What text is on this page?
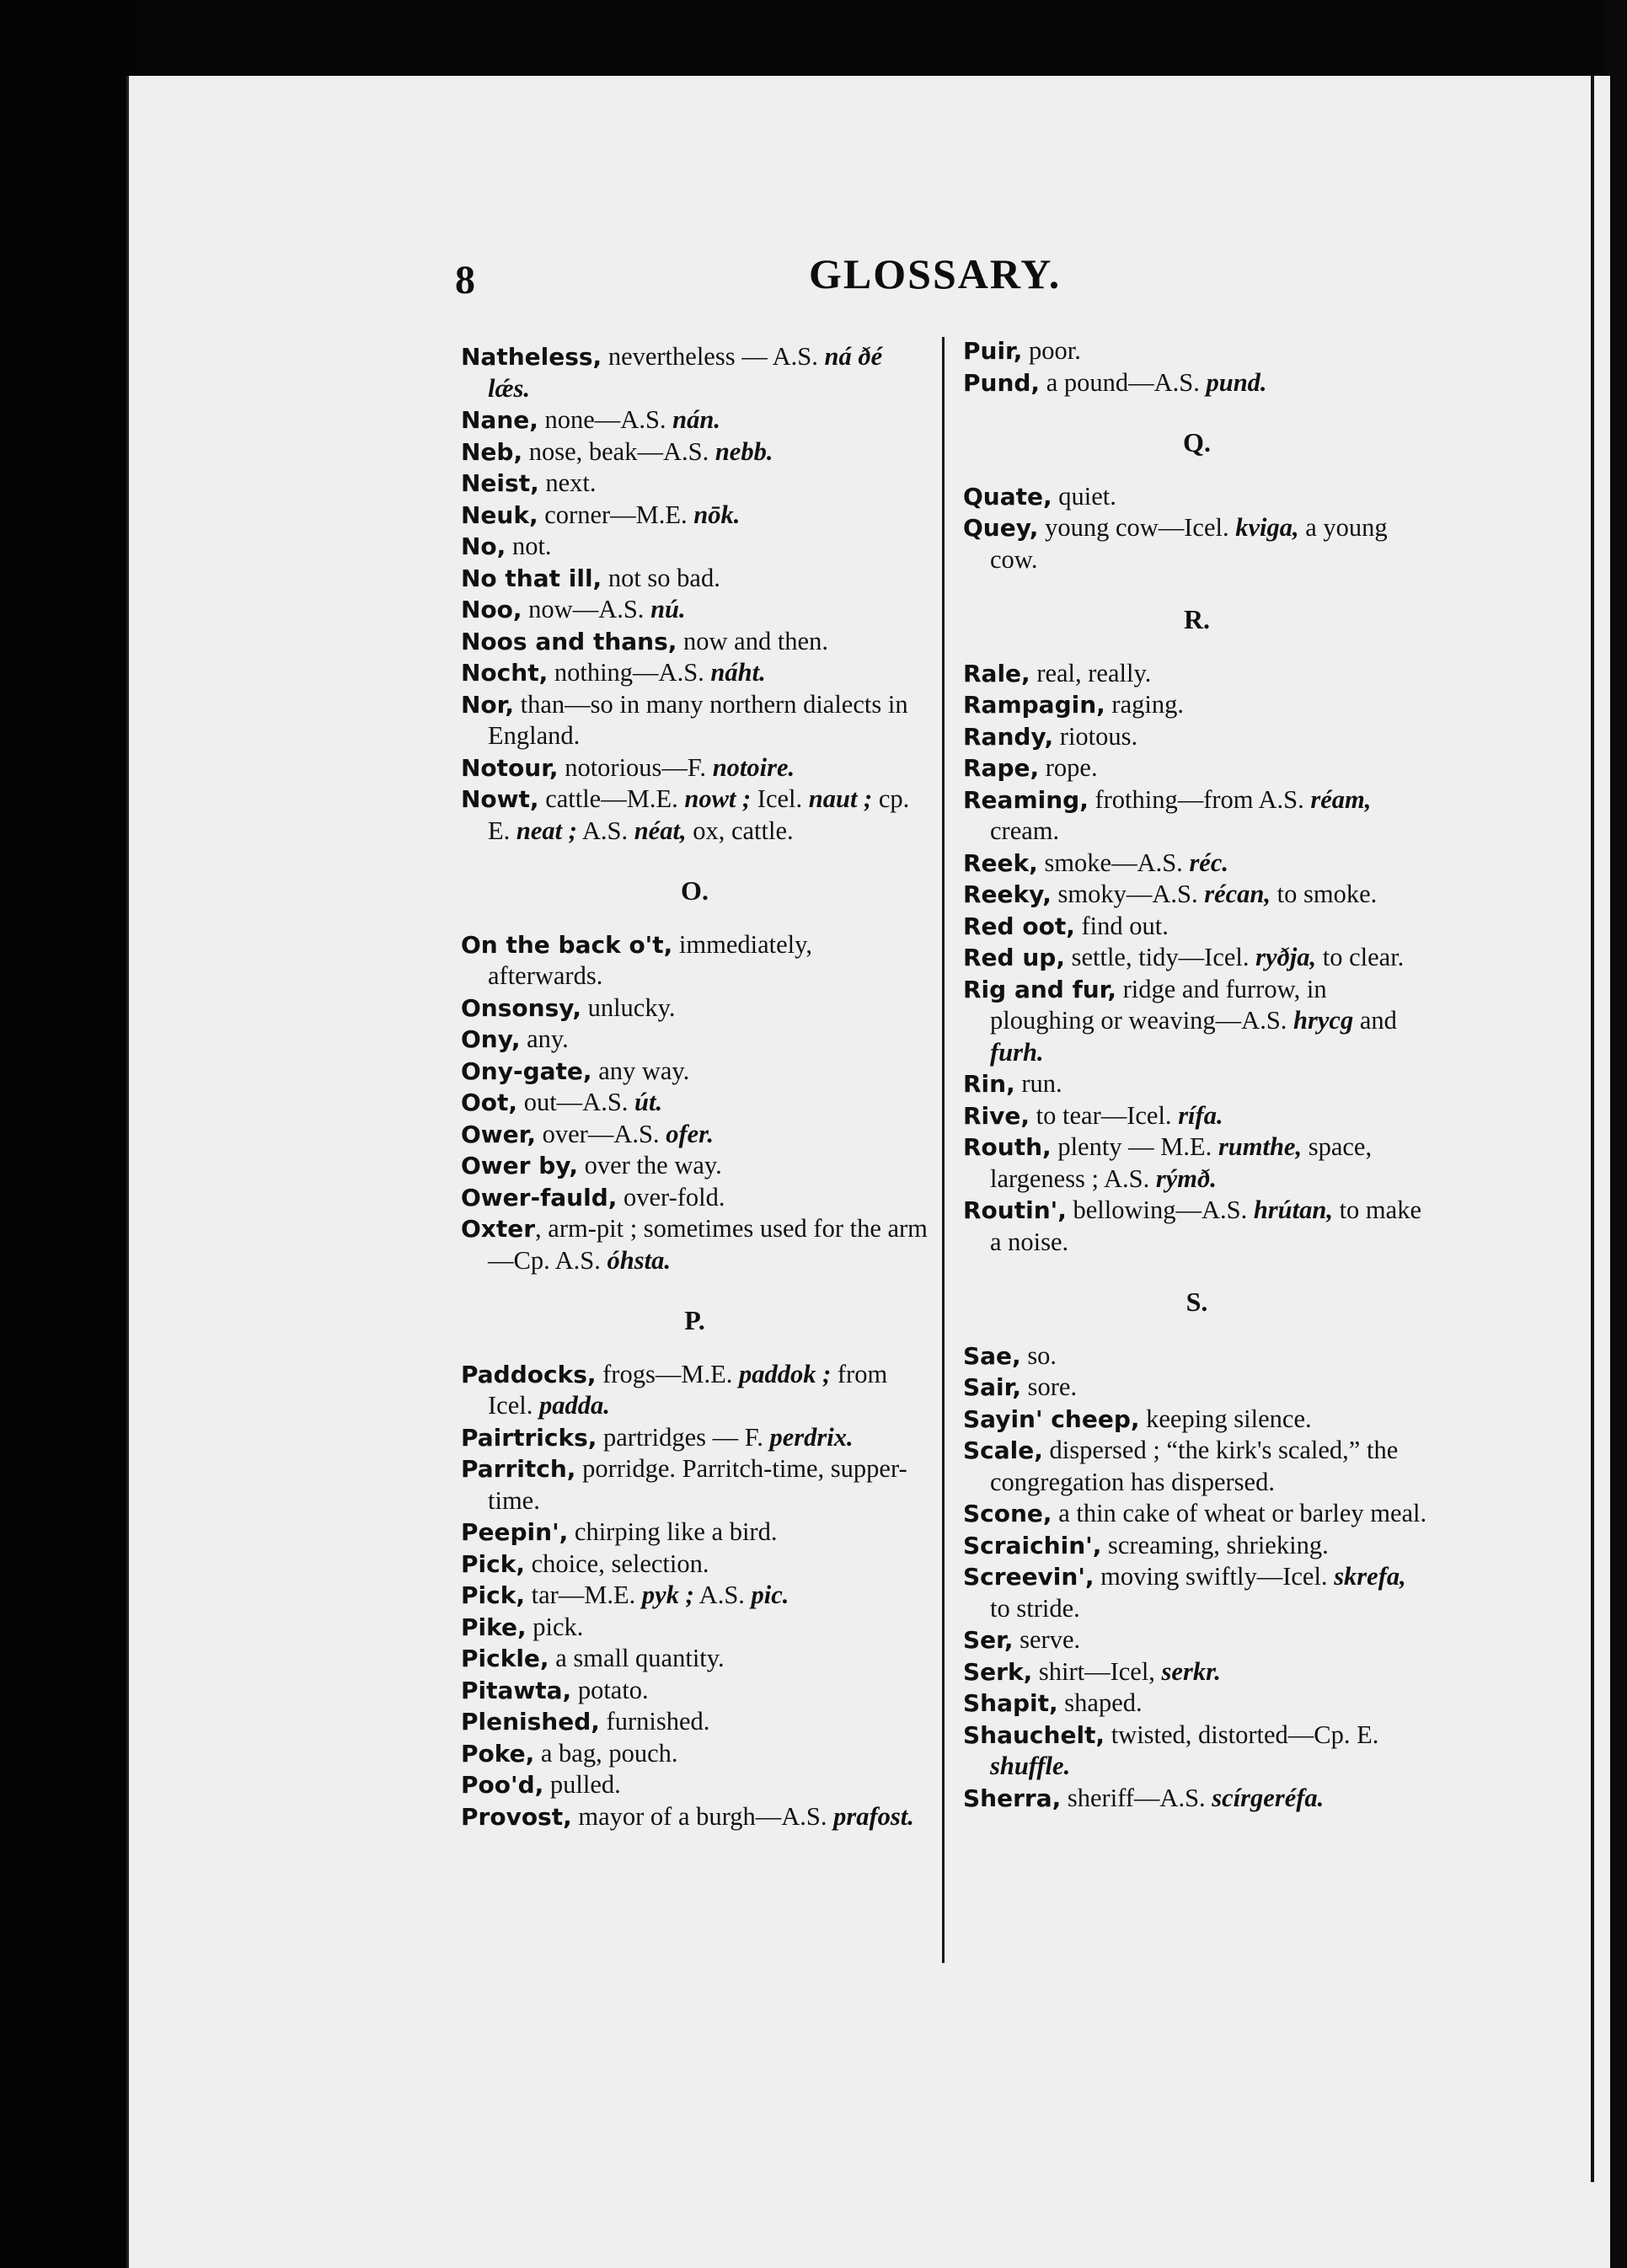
8	GLOSSARY.

Natheless, nevertheless — A.S. ná ðé lǽs.

Nane, none—A.S. nán.

Neb, nose, beak—A.S. nebb.

Neist, next.

Neuk, corner—M.E. nōk.

No, not.

No that ill, not so bad.

Noo, now—A.S. nú.

Noos and thans, now and then.

Nocht, nothing—A.S. náht.

Nor, than—so in many northern dialects in England.

Notour, notorious—F. notoire.

Nowt, cattle—M.E. nowt ; Icel. naut ; cp. E. neat ; A.S. néat, ox, cattle.

O.

On the back o't, immediately, afterwards.

Onsonsy, unlucky.

Ony, any.

Ony-gate, any way.

Oot, out—A.S. út.

Ower, over—A.S. ofer.

Ower by, over the way.

Ower-fauld, over-fold.

Oxter, arm-pit ; sometimes used for the arm—Cp. A.S. óhsta.

P.

Paddocks, frogs—M.E. paddok ; from Icel. padda.

Pairtricks, partridges — F. perdrix.

Parritch, porridge. Parritch-time, supper-time.

Peepin', chirping like a bird.

Pick, choice, selection.

Pick, tar—M.E. pyk ; A.S. pic.

Pike, pick.

Pickle, a small quantity.

Pitawta, potato.

Plenished, furnished.

Poke, a bag, pouch.

Poo'd, pulled.

Provost, mayor of a burgh—A.S. prafost.

Puir, poor.

Pund, a pound—A.S. pund.

Q.

Quate, quiet.

Quey, young cow—Icel. kviga, a young cow.

R.

Rale, real, really.

Rampagin, raging.

Randy, riotous.

Rape, rope.

Reaming, frothing—from A.S. réam, cream.

Reek, smoke—A.S. réc.

Reeky, smoky—A.S. récan, to smoke.

Red oot, find out.

Red up, settle, tidy—Icel. ryðja, to clear.

Rig and fur, ridge and furrow, in ploughing or weaving—A.S. hrycg and furh.

Rin, run.

Rive, to tear—Icel. rífa.

Routh, plenty — M.E. rumthe, space, largeness ; A.S. rýmð.

Routin', bellowing—A.S. hrútan, to make a noise.

S.

Sae, so.

Sair, sore.

Sayin' cheep, keeping silence.

Scale, dispersed ; “the kirk's scaled,” the congregation has dispersed.

Scone, a thin cake of wheat or barley meal.

Scraichin', screaming, shrieking.

Screevin', moving swiftly—Icel. skrefa, to stride.

Ser, serve.

Serk, shirt—Icel, serkr.

Shapit, shaped.

Shauchelt, twisted, distorted—Cp. E. shuffle.

Sherra, sheriff—A.S. scírgeréfa.
